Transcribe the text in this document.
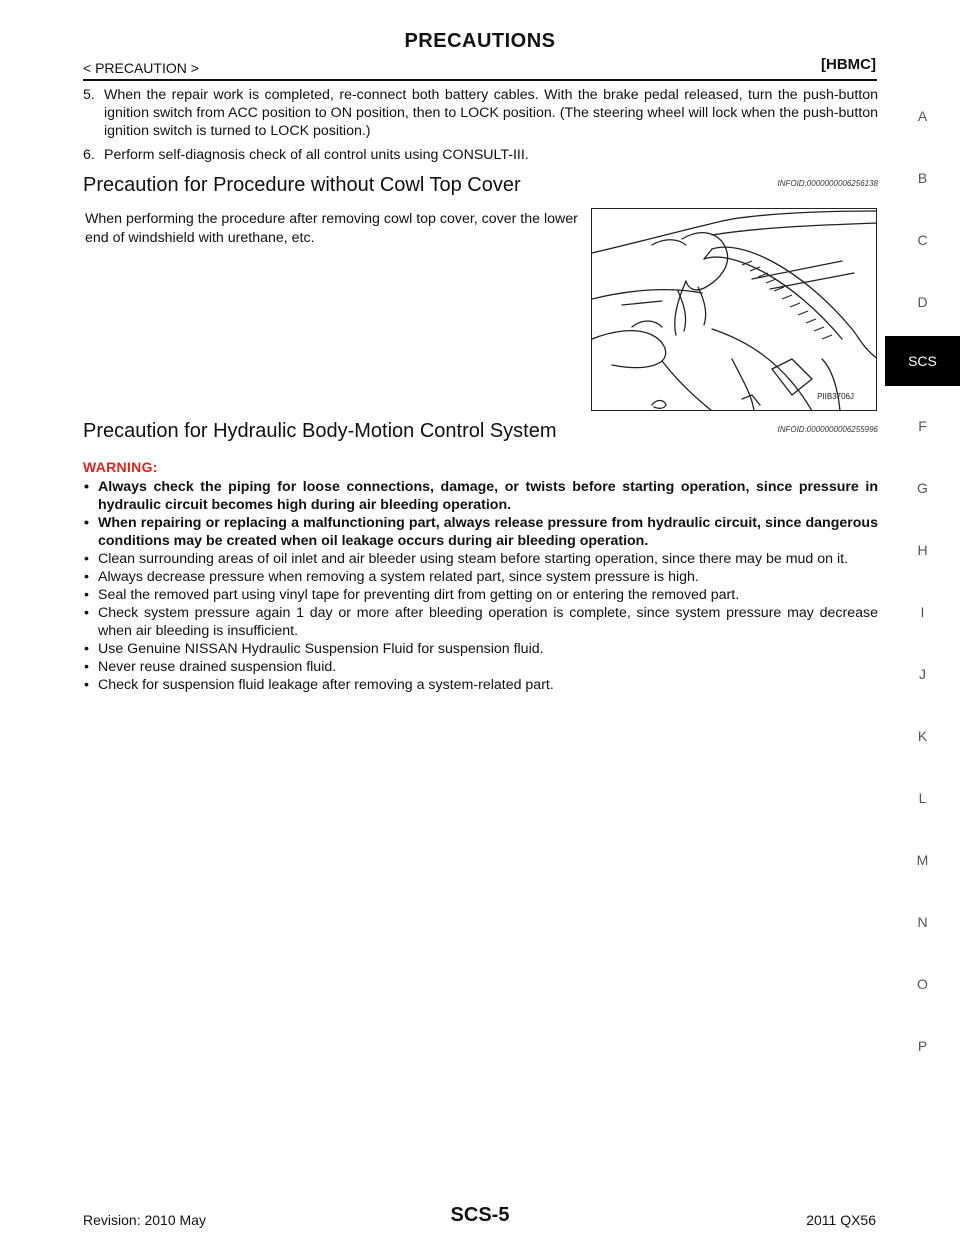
PRECAUTIONS
< PRECAUTION >	[HBMC]
5. When the repair work is completed, re-connect both battery cables. With the brake pedal released, turn the push-button ignition switch from ACC position to ON position, then to LOCK position. (The steering wheel will lock when the push-button ignition switch is turned to LOCK position.)
6. Perform self-diagnosis check of all control units using CONSULT-III.
Precaution for Procedure without Cowl Top Cover	INFOID:0000000006256138
When performing the procedure after removing cowl top cover, cover the lower end of windshield with urethane, etc.
PIIB3706J
Precaution for Hydraulic Body-Motion Control System	INFOID:0000000006255996
WARNING:
• Always check the piping for loose connections, damage, or twists before starting operation, since pressure in hydraulic circuit becomes high during air bleeding operation.
• When repairing or replacing a malfunctioning part, always release pressure from hydraulic circuit, since dangerous conditions may be created when oil leakage occurs during air bleeding operation.
• Clean surrounding areas of oil inlet and air bleeder using steam before starting operation, since there may be mud on it.
• Always decrease pressure when removing a system related part, since system pressure is high.
• Seal the removed part using vinyl tape for preventing dirt from getting on or entering the removed part.
• Check system pressure again 1 day or more after bleeding operation is complete, since system pressure may decrease when air bleeding is insufficient.
• Use Genuine NISSAN Hydraulic Suspension Fluid for suspension fluid.
• Never reuse drained suspension fluid.
• Check for suspension fluid leakage after removing a system-related part.
A
B
C
D
SCS
F
G
H
I
J
K
L
M
N
O
P
Revision: 2010 May	SCS-5	2011 QX56
